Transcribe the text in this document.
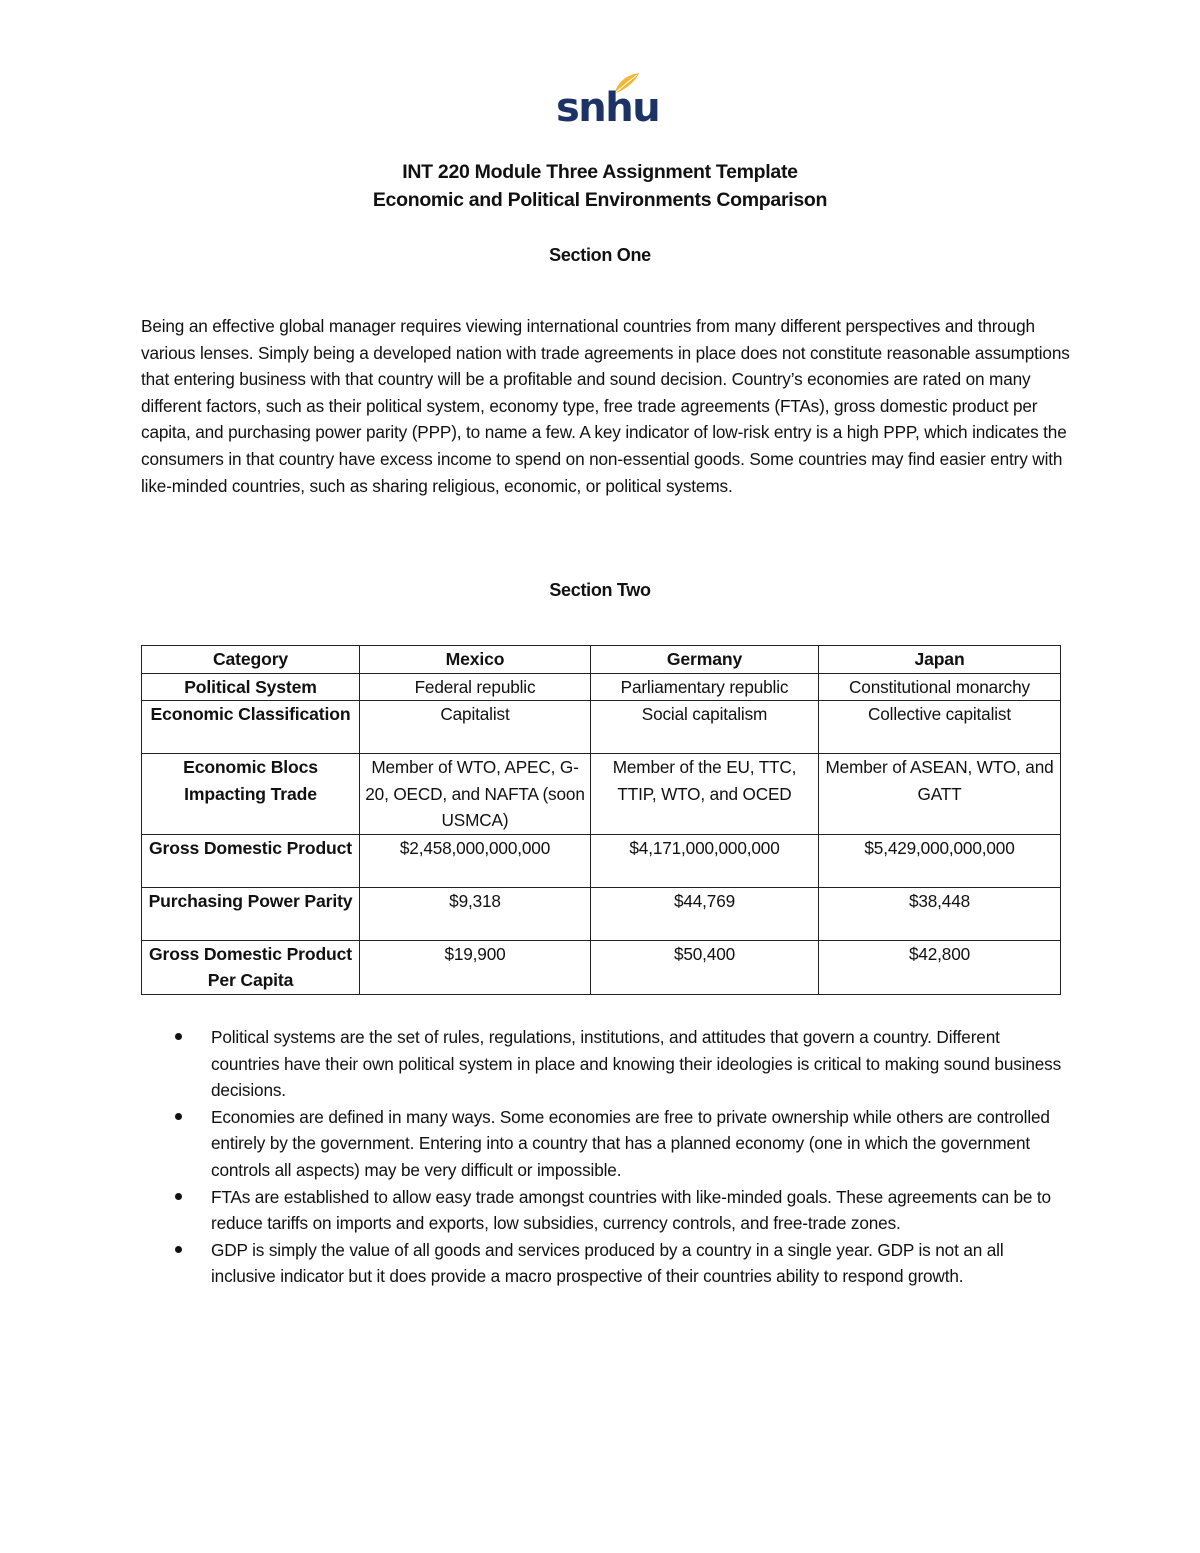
snhu
INT 220 Module Three Assignment Template
Economic and Political Environments Comparison
Section One

Being an effective global manager requires viewing international countries from many different perspectives and through various lenses. Simply being a developed nation with trade agreements in place does not constitute reasonable assumptions that entering business with that country will be a profitable and sound decision. Country’s economies are rated on many different factors, such as their political system, economy type, free trade agreements (FTAs), gross domestic product per capita, and purchasing power parity (PPP), to name a few. A key indicator of low-risk entry is a high PPP, which indicates the consumers in that country have excess income to spend on non-essential goods. Some countries may find easier entry with like-minded countries, such as sharing religious, economic, or political systems.

Section Two
Category	Mexico	Germany	Japan
Political System	Federal republic	Parliamentary republic	Constitutional monarchy
Economic Classification	Capitalist	Social capitalism	Collective capitalist
Economic Blocs Impacting Trade	Member of WTO, APEC, G-20, OECD, and NAFTA (soon USMCA)	Member of the EU, TTC, TTIP, WTO, and OCED	Member of ASEAN, WTO, and GATT
Gross Domestic Product	$2,458,000,000,000	$4,171,000,000,000	$5,429,000,000,000
Purchasing Power Parity	$9,318	$44,769	$38,448
Gross Domestic Product Per Capita	$19,900	$50,400	$42,800
Political systems are the set of rules, regulations, institutions, and attitudes that govern a country. Different countries have their own political system in place and knowing their ideologies is critical to making sound business decisions.
Economies are defined in many ways. Some economies are free to private ownership while others are controlled entirely by the government. Entering into a country that has a planned economy (one in which the government controls all aspects) may be very difficult or impossible.
FTAs are established to allow easy trade amongst countries with like-minded goals. These agreements can be to reduce tariffs on imports and exports, low subsidies, currency controls, and free-trade zones.
GDP is simply the value of all goods and services produced by a country in a single year. GDP is not an all inclusive indicator but it does provide a macro prospective of their countries ability to respond growth.
